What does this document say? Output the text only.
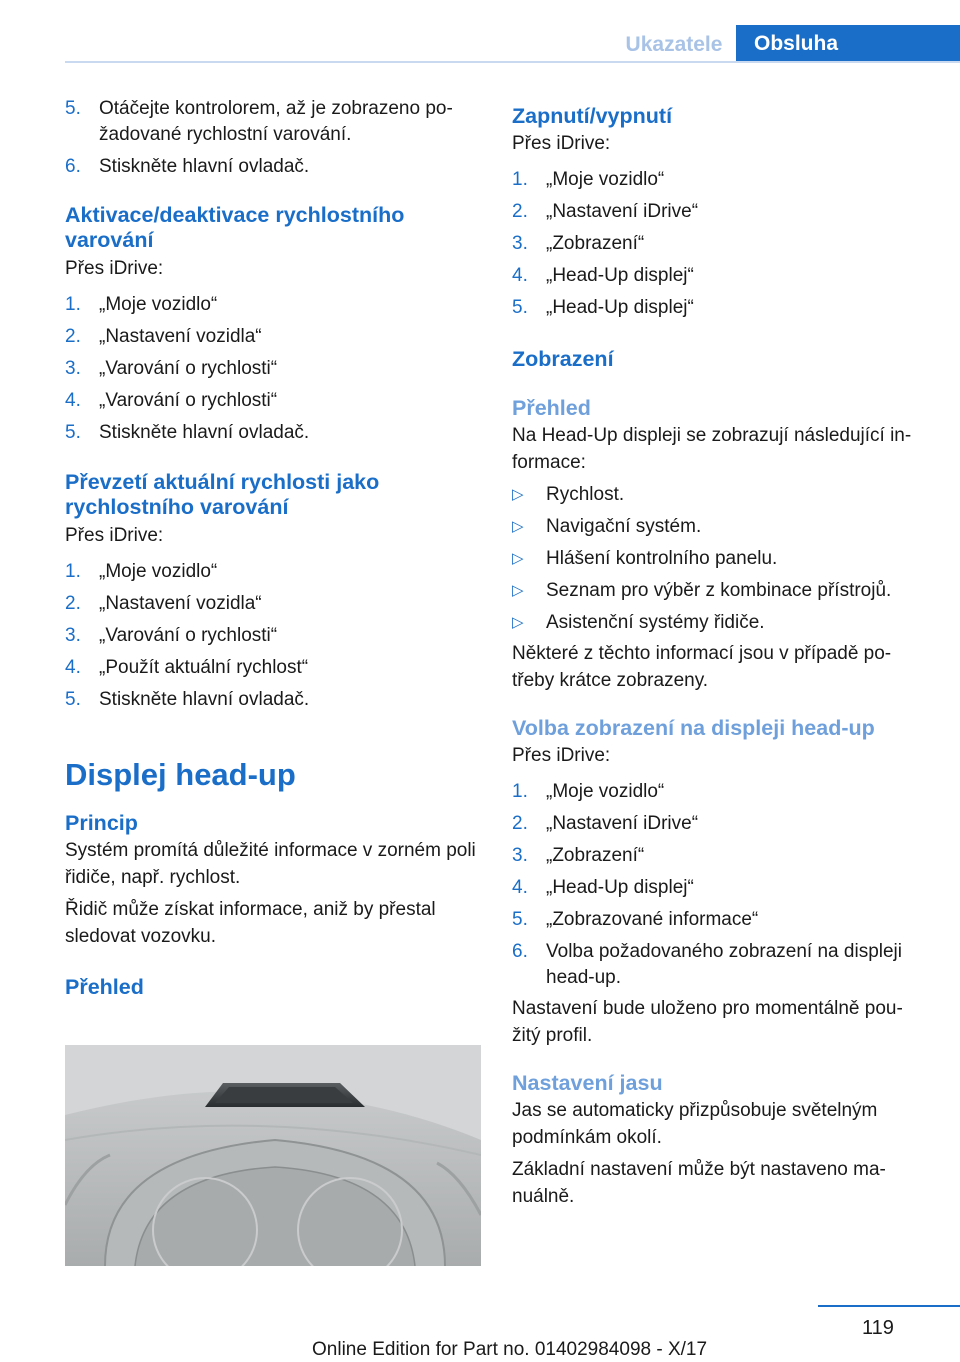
Ukazatele	Obsluha
5. Otáčejte kontrolorem, až je zobrazeno po-
žadované rychlostní varování.
6. Stiskněte hlavní ovladač.
Aktivace/deaktivace rychlostního
varování
Přes iDrive:
1. „Moje vozidlo“
2. „Nastavení vozidla“
3. „Varování o rychlosti“
4. „Varování o rychlosti“
5. Stiskněte hlavní ovladač.
Převzetí aktuální rychlosti jako
rychlostního varování
Přes iDrive:
1. „Moje vozidlo“
2. „Nastavení vozidla“
3. „Varování o rychlosti“
4. „Použít aktuální rychlost“
5. Stiskněte hlavní ovladač.
Displej head-up
Princip
Systém promítá důležité informace v zorném poli řidiče, např. rychlost.
Řidič může získat informace, aniž by přestal sledovat vozovku.
Přehled
Zapnutí/vypnutí
Přes iDrive:
1. „Moje vozidlo“
2. „Nastavení iDrive“
3. „Zobrazení“
4. „Head-Up displej“
5. „Head-Up displej“
Zobrazení
Přehled
Na Head-Up displeji se zobrazují následující in-
formace:
▷	Rychlost.
▷	Navigační systém.
▷	Hlášení kontrolního panelu.
▷	Seznam pro výběr z kombinace přístrojů.
▷	Asistenční systémy řidiče.
Některé z těchto informací jsou v případě po-
třeby krátce zobrazeny.
Volba zobrazení na displeji head-up
Přes iDrive:
1. „Moje vozidlo“
2. „Nastavení iDrive“
3. „Zobrazení“
4. „Head-Up displej“
5. „Zobrazované informace“
6. Volba požadovaného zobrazení na displeji
head-up.
Nastavení bude uloženo pro momentálně pou-
žitý profil.
Nastavení jasu
Jas se automaticky přizpůsobuje světelným
podmínkám okolí.
Základní nastavení může být nastaveno ma-
nuálně.
119
Online Edition for Part no. 01402984098 - X/17
